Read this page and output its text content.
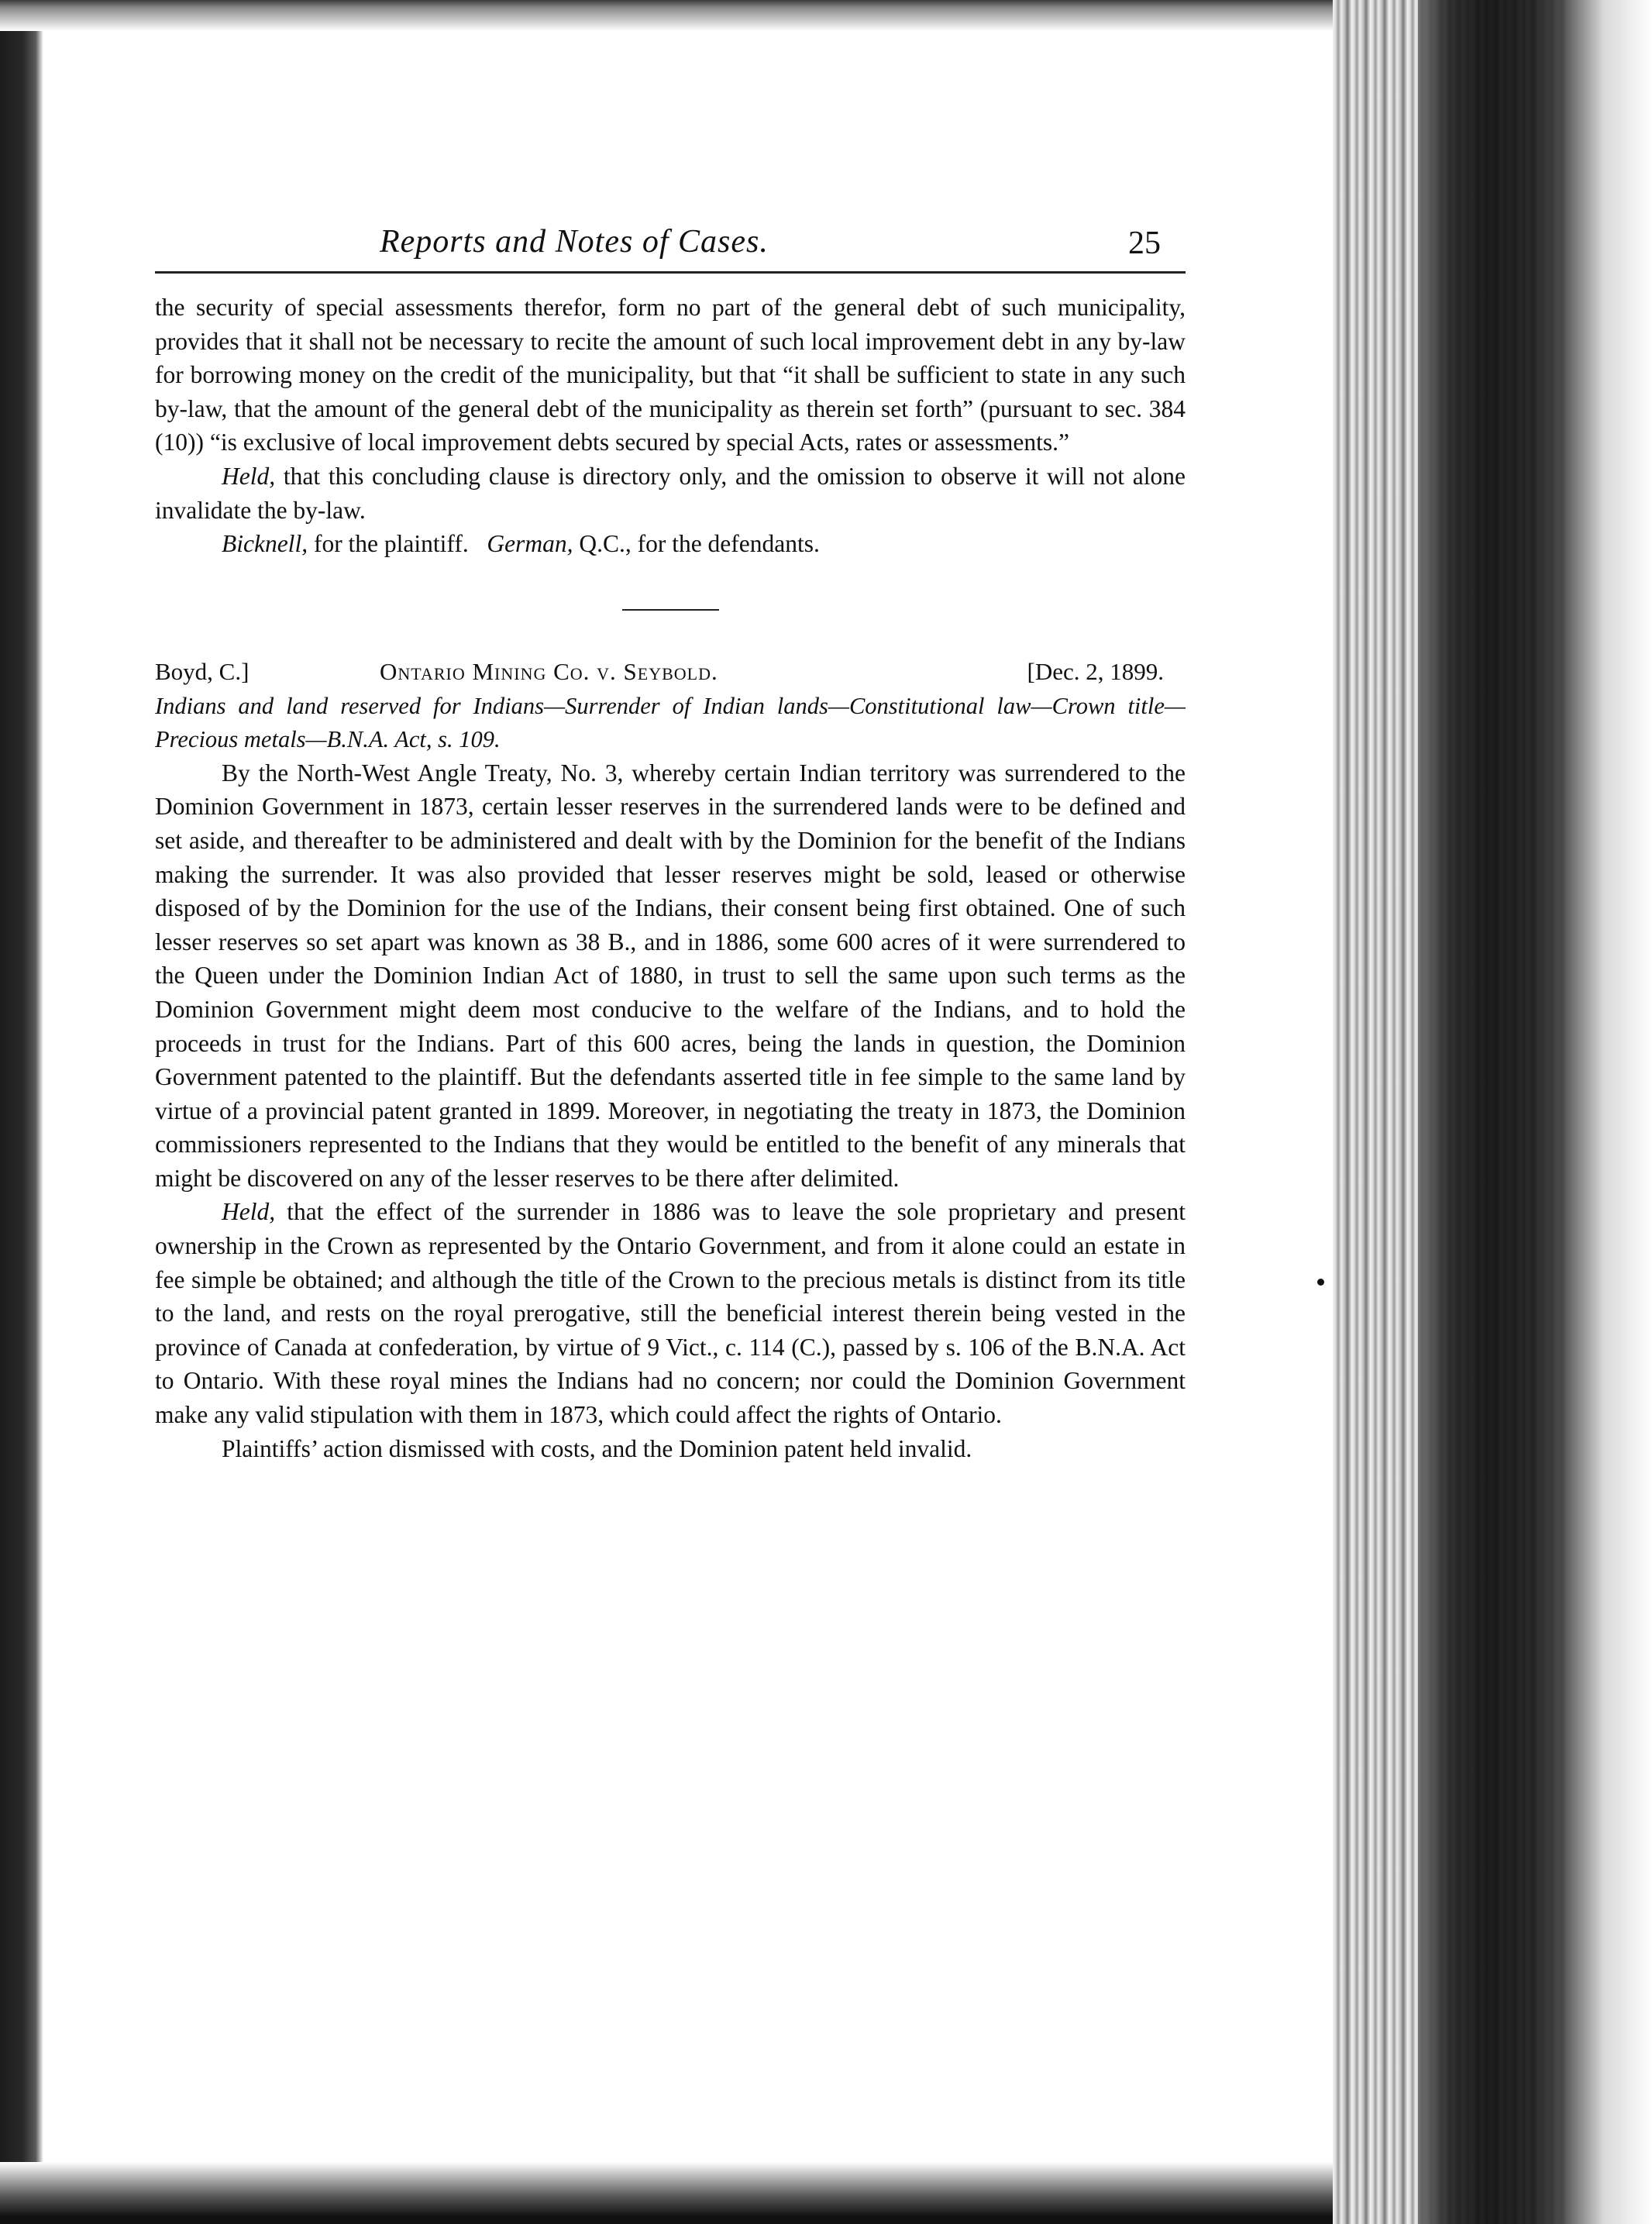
Reports and Notes of Cases.	25

the security of special assessments therefor, form no part of the general debt of such municipality, provides that it shall not be necessary to recite the amount of such local improvement debt in any by-law for borrowing money on the credit of the municipality, but that “it shall be sufficient to state in any such by-law, that the amount of the general debt of the municipality as therein set forth” (pursuant to sec. 384 (10)) “is exclusive of local improvement debts secured by special Acts, rates or assessments.”

Held, that this concluding clause is directory only, and the omission to observe it will not alone invalidate the by-law.

Bicknell, for the plaintiff. German, Q.C., for the defendants.

Boyd, C.]	Ontario Mining Co. v. Seybold.	[Dec. 2, 1899.

Indians and land reserved for Indians—Surrender of Indian lands—Constitutional law—Crown title—Precious metals—B.N.A. Act, s. 109.

By the North-West Angle Treaty, No. 3, whereby certain Indian territory was surrendered to the Dominion Government in 1873, certain lesser reserves in the surrendered lands were to be defined and set aside, and thereafter to be administered and dealt with by the Dominion for the benefit of the Indians making the surrender. It was also provided that lesser reserves might be sold, leased or otherwise disposed of by the Dominion for the use of the Indians, their consent being first obtained. One of such lesser reserves so set apart was known as 38 B., and in 1886, some 600 acres of it were surrendered to the Queen under the Dominion Indian Act of 1880, in trust to sell the same upon such terms as the Dominion Government might deem most conducive to the welfare of the Indians, and to hold the proceeds in trust for the Indians. Part of this 600 acres, being the lands in question, the Dominion Government patented to the plaintiff. But the defendants asserted title in fee simple to the same land by virtue of a provincial patent granted in 1899. Moreover, in negotiating the treaty in 1873, the Dominion commissioners represented to the Indians that they would be entitled to the benefit of any minerals that might be discovered on any of the lesser reserves to be there after delimited.

Held, that the effect of the surrender in 1886 was to leave the sole proprietary and present ownership in the Crown as represented by the Ontario Government, and from it alone could an estate in fee simple be obtained; and although the title of the Crown to the precious metals is distinct from its title to the land, and rests on the royal prerogative, still the beneficial interest therein being vested in the province of Canada at confederation, by virtue of 9 Vict., c. 114 (C.), passed by s. 106 of the B.N.A. Act to Ontario. With these royal mines the Indians had no concern; nor could the Dominion Government make any valid stipulation with them in 1873, which could affect the rights of Ontario.

Plaintiffs’ action dismissed with costs, and the Dominion patent held invalid.
